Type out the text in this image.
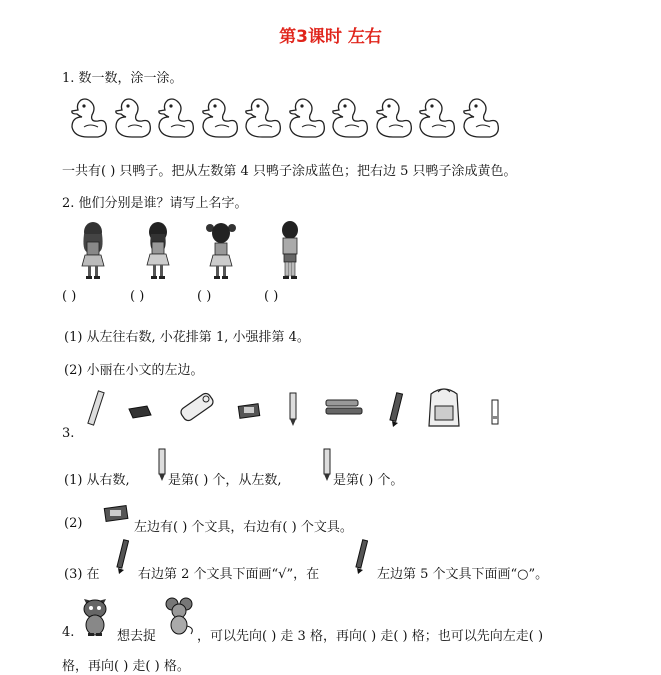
第3课时 左右
1. 数一数，涂一涂。
一共有( ) 只鸭子。把从左数第 4 只鸭子涂成蓝色；把右边 5 只鸭子涂成黄色。
2. 他们分别是谁？请写上名字。
( )	( )	( )	( )
(1) 从左往右数, 小花排第 1, 小强排第 4。
(2) 小丽在小文的左边。
3.
(1) 从右数,	是第( ) 个，从左数,	是第( ) 个。
(2)	左边有( ) 个文具，右边有( ) 个文具。
(3) 在	右边第 2 个文具下面画“√”，在	左边第 5 个文具下面画“○”。
4.	想去捉	，可以先向( ) 走 3 格，再向( ) 走( ) 格；也可以先向左走( )
格，再向( ) 走( ) 格。
